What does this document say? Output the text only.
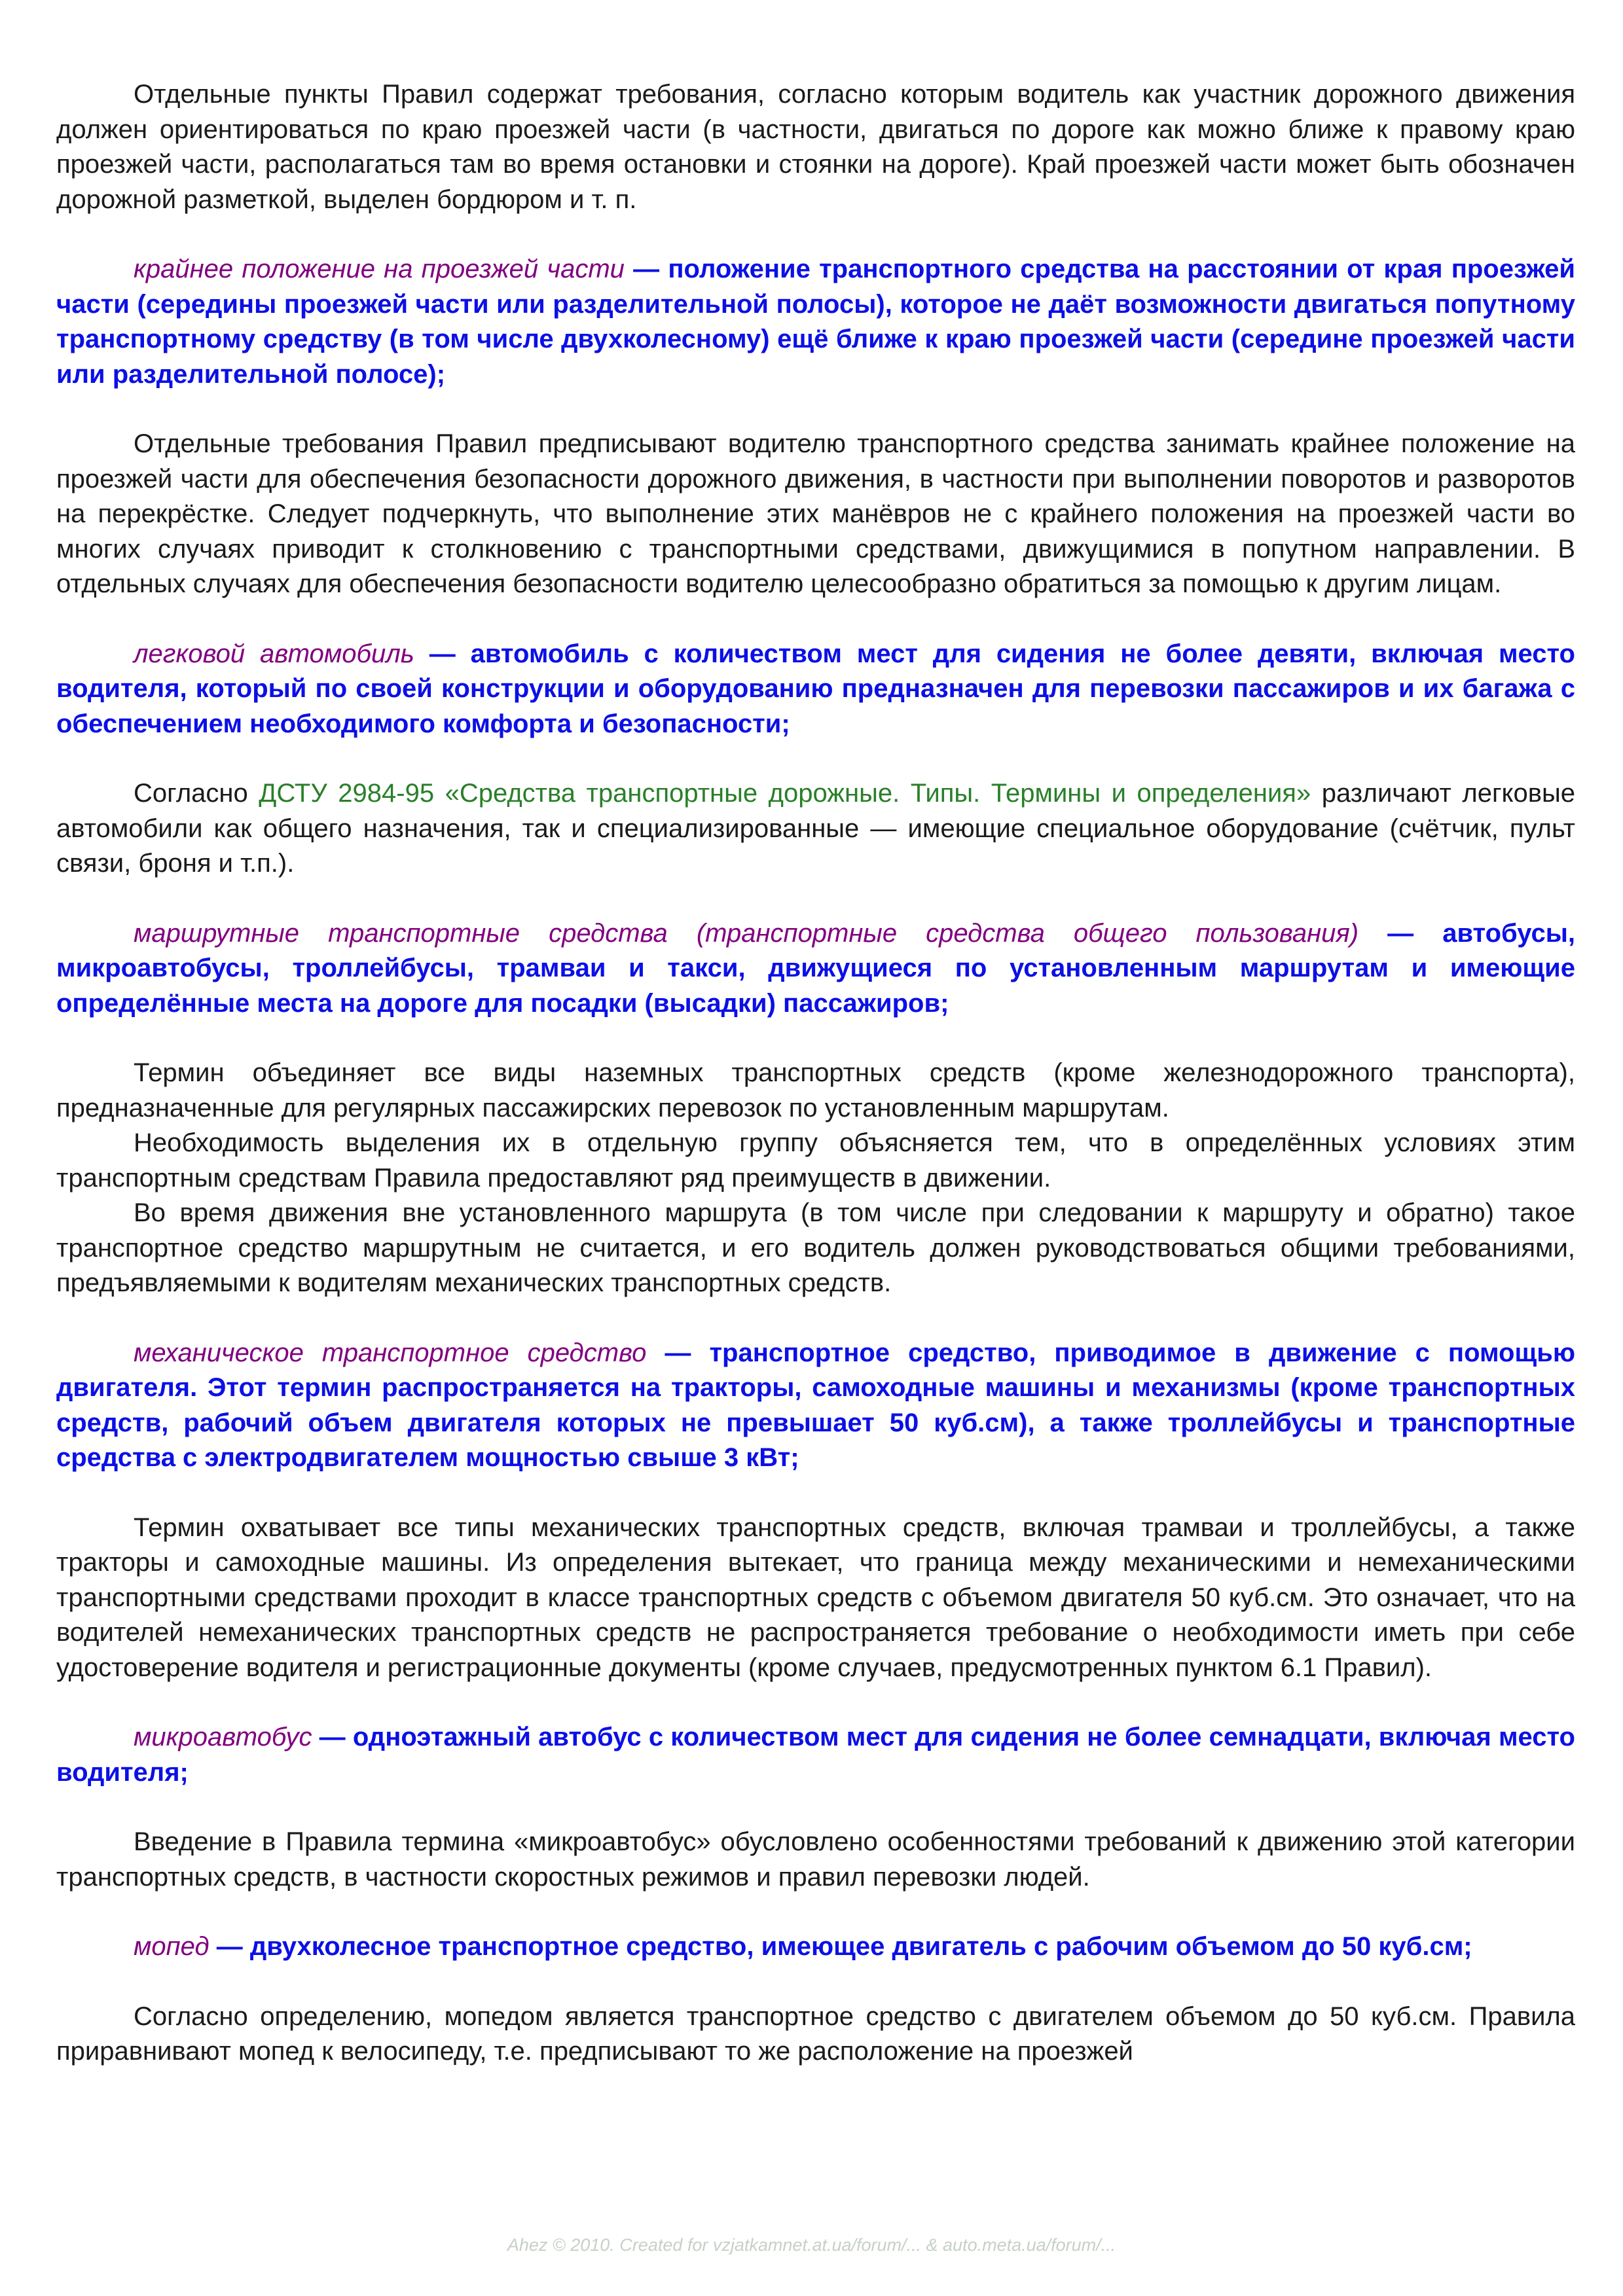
Отдельные пункты Правил содержат требования, согласно которым водитель как участник дорожного движения должен ориентироваться по краю проезжей части (в частности, двигаться по дороге как можно ближе к правому краю проезжей части, располагаться там во время остановки и стоянки на дороге). Край проезжей части может быть обозначен дорожной разметкой, выделен бордюром и т. п.

крайнее положение на проезжей части — положение транспортного средства на расстоянии от края проезжей части (середины проезжей части или разделительной полосы), которое не даёт возможности двигаться попутному транспортному средству (в том числе двухколесному) ещё ближе к краю проезжей части (середине проезжей части или разделительной полосе);

Отдельные требования Правил предписывают водителю транспортного средства занимать крайнее положение на проезжей части для обеспечения безопасности дорожного движения, в частности при выполнении поворотов и разворотов на перекрёстке. Следует подчеркнуть, что выполнение этих манёвров не с крайнего положения на проезжей части во многих случаях приводит к столкновению с транспортными средствами, движущимися в попутном направлении. В отдельных случаях для обеспечения безопасности водителю целесообразно обратиться за помощью к другим лицам.

легковой автомобиль — автомобиль с количеством мест для сидения не более девяти, включая место водителя, который по своей конструкции и оборудованию предназначен для перевозки пассажиров и их багажа с обеспечением необходимого комфорта и безопасности;

Согласно ДСТУ 2984-95 «Средства транспортные дорожные. Типы. Термины и определения» различают легковые автомобили как общего назначения, так и специализированные — имеющие специальное оборудование (счётчик, пульт связи, броня и т.п.).

маршрутные транспортные средства (транспортные средства общего пользования) — автобусы, микроавтобусы, троллейбусы, трамваи и такси, движущиеся по установленным маршрутам и имеющие определённые места на дороге для посадки (высадки) пассажиров;

Термин объединяет все виды наземных транспортных средств (кроме железнодорожного транспорта), предназначенные для регулярных пассажирских перевозок по установленным маршрутам.

Необходимость выделения их в отдельную группу объясняется тем, что в определённых условиях этим транспортным средствам Правила предоставляют ряд преимуществ в движении.

Во время движения вне установленного маршрута (в том числе при следовании к маршруту и обратно) такое транспортное средство маршрутным не считается, и его водитель должен руководствоваться общими требованиями, предъявляемыми к водителям механических транспортных средств.

механическое транспортное средство — транспортное средство, приводимое в движение с помощью двигателя. Этот термин распространяется на тракторы, самоходные машины и механизмы (кроме транспортных средств, рабочий объем двигателя которых не превышает 50 куб.см), а также троллейбусы и транспортные средства с электродвигателем мощностью свыше 3 кВт;

Термин охватывает все типы механических транспортных средств, включая трамваи и троллейбусы, а также тракторы и самоходные машины. Из определения вытекает, что граница между механическими и немеханическими транспортными средствами проходит в классе транспортных средств с объемом двигателя 50 куб.см. Это означает, что на водителей немеханических транспортных средств не распространяется требование о необходимости иметь при себе удостоверение водителя и регистрационные документы (кроме случаев, предусмотренных пунктом 6.1 Правил).

микроавтобус — одноэтажный автобус с количеством мест для сидения не более семнадцати, включая место водителя;

Введение в Правила термина «микроавтобус» обусловлено особенностями требований к движению этой категории транспортных средств, в частности скоростных режимов и правил перевозки людей.

мопед — двухколесное транспортное средство, имеющее двигатель с рабочим объемом до 50 куб.см;

Согласно определению, мопедом является транспортное средство с двигателем объемом до 50 куб.см. Правила приравнивают мопед к велосипеду, т.е. предписывают то же расположение на проезжей

Ahez © 2010. Created for vzjatkamnet.at.ua/forum/... & auto.meta.ua/forum/...
